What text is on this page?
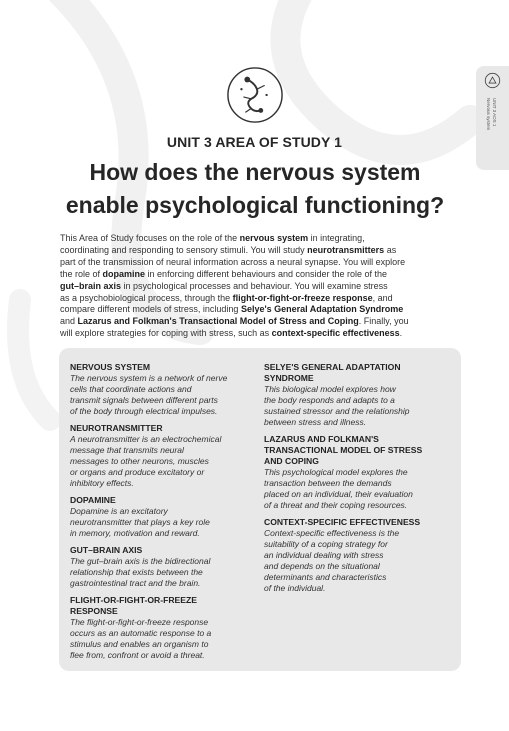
UNIT 3 AOS 1
Nervous system
UNIT 3 AREA OF STUDY 1
How does the nervous system
enable psychological functioning?
This Area of Study focuses on the role of the nervous system in integrating,
coordinating and responding to sensory stimuli. You will study neurotransmitters as
part of the transmission of neural information across a neural synapse. You will explore
the role of dopamine in enforcing different behaviours and consider the role of the
gut–brain axis in psychological processes and behaviour. You will examine stress
as a psychobiological process, through the flight-or-fight-or-freeze response, and
compare different models of stress, including Selye's General Adaptation Syndrome
and Lazarus and Folkman's Transactional Model of Stress and Coping. Finally, you
will explore strategies for coping with stress, such as context-specific effectiveness.
NERVOUS SYSTEM
The nervous system is a network of nerve
cells that coordinate actions and
transmit signals between different parts
of the body through electrical impulses.
NEUROTRANSMITTER
A neurotransmitter is an electrochemical
message that transmits neural
messages to other neurons, muscles
or organs and produce excitatory or
inhibitory effects.
DOPAMINE
Dopamine is an excitatory
neurotransmitter that plays a key role
in memory, motivation and reward.
GUT–BRAIN AXIS
The gut–brain axis is the bidirectional
relationship that exists between the
gastrointestinal tract and the brain.
FLIGHT-OR-FIGHT-OR-FREEZE
RESPONSE
The flight-or-fight-or-freeze response
occurs as an automatic response to a
stimulus and enables an organism to
flee from, confront or avoid a threat.
SELYE'S GENERAL ADAPTATION
SYNDROME
This biological model explores how
the body responds and adapts to a
sustained stressor and the relationship
between stress and illness.
LAZARUS AND FOLKMAN'S
TRANSACTIONAL MODEL OF STRESS
AND COPING
This psychological model explores the
transaction between the demands
placed on an individual, their evaluation
of a threat and their coping resources.
CONTEXT-SPECIFIC EFFECTIVENESS
Context-specific effectiveness is the
suitability of a coping strategy for
an individual dealing with stress
and depends on the situational
determinants and characteristics
of the individual.
